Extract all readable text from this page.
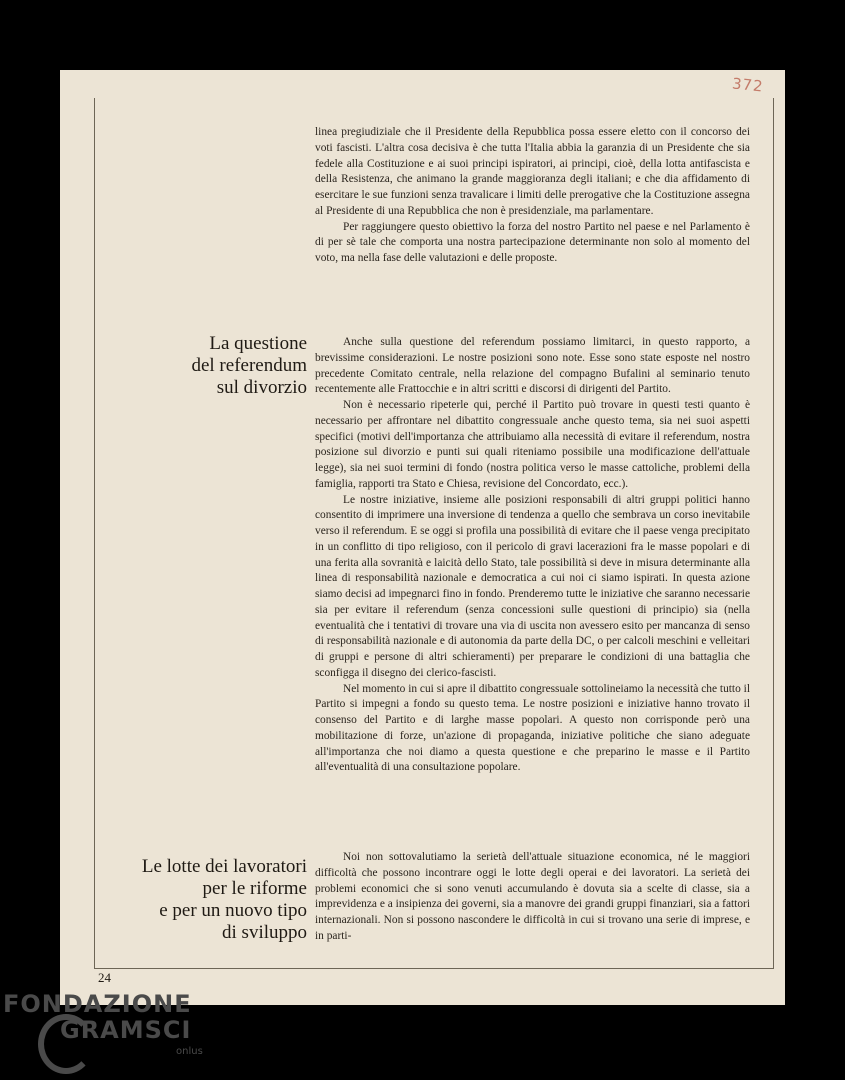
372

linea pregiudiziale che il Presidente della Repubblica possa essere eletto con il concorso dei voti fascisti. L'altra cosa decisiva è che tutta l'Italia abbia la garanzia di un Presidente che sia fedele alla Costituzione e ai suoi principi ispiratori, ai principi, cioè, della lotta antifascista e della Resistenza, che animano la grande maggioranza degli italiani; e che dia affidamento di esercitare le sue funzioni senza travalicare i limiti delle prerogative che la Costituzione assegna al Presidente di una Repubblica che non è presidenziale, ma parlamentare.

Per raggiungere questo obiettivo la forza del nostro Partito nel paese e nel Parlamento è di per sè tale che comporta una nostra partecipazione determinante non solo al momento del voto, ma nella fase delle valutazioni e delle proposte.

La questione
del referendum
sul divorzio

Anche sulla questione del referendum possiamo limitarci, in questo rapporto, a brevissime considerazioni. Le nostre posizioni sono note. Esse sono state esposte nel nostro precedente Comitato centrale, nella relazione del compagno Bufalini al seminario tenuto recentemente alle Frattocchie e in altri scritti e discorsi di dirigenti del Partito.

Non è necessario ripeterle qui, perché il Partito può trovare in questi testi quanto è necessario per affrontare nel dibattito congressuale anche questo tema, sia nei suoi aspetti specifici (motivi dell'importanza che attribuiamo alla necessità di evitare il referendum, nostra posizione sul divorzio e punti sui quali riteniamo possibile una modificazione dell'attuale legge), sia nei suoi termini di fondo (nostra politica verso le masse cattoliche, problemi della famiglia, rapporti tra Stato e Chiesa, revisione del Concordato, ecc.).

Le nostre iniziative, insieme alle posizioni responsabili di altri gruppi politici hanno consentito di imprimere una inversione di tendenza a quello che sembrava un corso inevitabile verso il referendum. E se oggi si profila una possibilità di evitare che il paese venga precipitato in un conflitto di tipo religioso, con il pericolo di gravi lacerazioni fra le masse popolari e di una ferita alla sovranità e laicità dello Stato, tale possibilità si deve in misura determinante alla linea di responsabilità nazionale e democratica a cui noi ci siamo ispirati. In questa azione siamo decisi ad impegnarci fino in fondo. Prenderemo tutte le iniziative che saranno necessarie sia per evitare il referendum (senza concessioni sulle questioni di principio) sia (nella eventualità che i tentativi di trovare una via di uscita non avessero esito per mancanza di senso di responsabilità nazionale e di autonomia da parte della DC, o per calcoli meschini e velleitari di gruppi e persone di altri schieramenti) per preparare le condizioni di una battaglia che sconfigga il disegno dei clerico-fascisti.

Nel momento in cui si apre il dibattito congressuale sottolineiamo la necessità che tutto il Partito si impegni a fondo su questo tema. Le nostre posizioni e iniziative hanno trovato il consenso del Partito e di larghe masse popolari. A questo non corrisponde però una mobilitazione di forze, un'azione di propaganda, iniziative politiche che siano adeguate all'importanza che noi diamo a questa questione e che preparino le masse e il Partito all'eventualità di una consultazione popolare.

Le lotte dei lavoratori
per le riforme
e per un nuovo tipo
di sviluppo

Noi non sottovalutiamo la serietà dell'attuale situazione economica, né le maggiori difficoltà che possono incontrare oggi le lotte degli operai e dei lavoratori. La serietà dei problemi economici che si sono venuti accumulando è dovuta sia a scelte di classe, sia a imprevidenza e a insipienza dei governi, sia a manovre dei grandi gruppi finanziari, sia a fattori internazionali. Non si possono nascondere le difficoltà in cui si trovano una serie di imprese, e in parti-

24
FONDAZIONE
GRAMSCI
onlus
